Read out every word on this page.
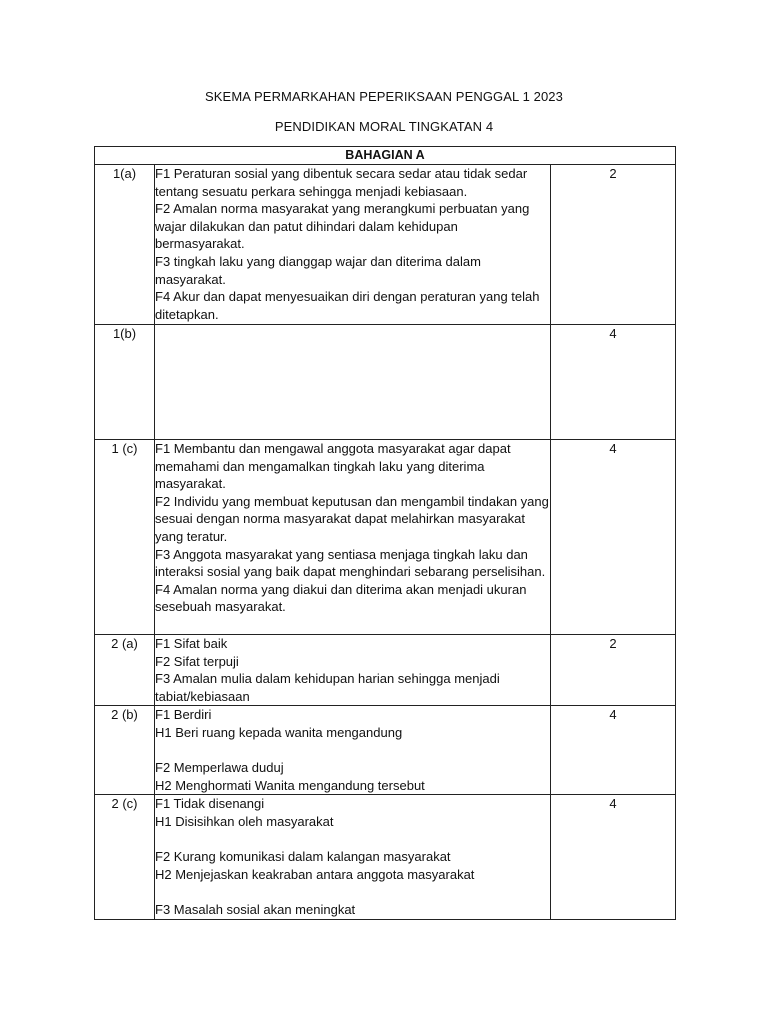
SKEMA PERMARKAHAN PEPERIKSAAN PENGGAL 1 2023
PENDIDIKAN MORAL TINGKATAN 4
BAHAGIAN A		
1(a)	F1 Peraturan sosial yang dibentuk secara sedar atau tidak sedar tentang sesuatu perkara sehingga menjadi kebiasaan.
F2 Amalan norma masyarakat yang merangkumi perbuatan yang wajar dilakukan dan patut dihindari dalam kehidupan bermasyarakat.
F3 tingkah laku yang dianggap wajar dan diterima dalam masyarakat.
F4 Akur dan dapat menyesuaikan diri dengan peraturan yang telah ditetapkan.	2
1(b)		4
1 (c)	F1 Membantu dan mengawal anggota masyarakat agar dapat memahami dan mengamalkan tingkah laku yang diterima masyarakat.
F2 Individu yang membuat keputusan dan mengambil tindakan yang sesuai dengan norma masyarakat dapat melahirkan masyarakat yang teratur.
F3 Anggota masyarakat yang sentiasa menjaga tingkah laku dan interaksi sosial yang baik dapat menghindari sebarang perselisihan.
F4 Amalan norma yang diakui dan diterima akan menjadi ukuran sesebuah masyarakat.	4
2 (a)	F1 Sifat baik
F2 Sifat terpuji
F3 Amalan mulia dalam kehidupan harian sehingga menjadi tabiat/kebiasaan	2
2 (b)	F1 Berdiri
H1 Beri ruang kepada wanita mengandung
F2 Memperlawa duduj
H2 Menghormati Wanita mengandung tersebut	4
2 (c)	F1 Tidak disenangi
H1 Disisihkan oleh masyarakat
F2 Kurang komunikasi dalam kalangan masyarakat
H2 Menjejaskan keakraban antara anggota masyarakat
F3 Masalah sosial akan meningkat	4
